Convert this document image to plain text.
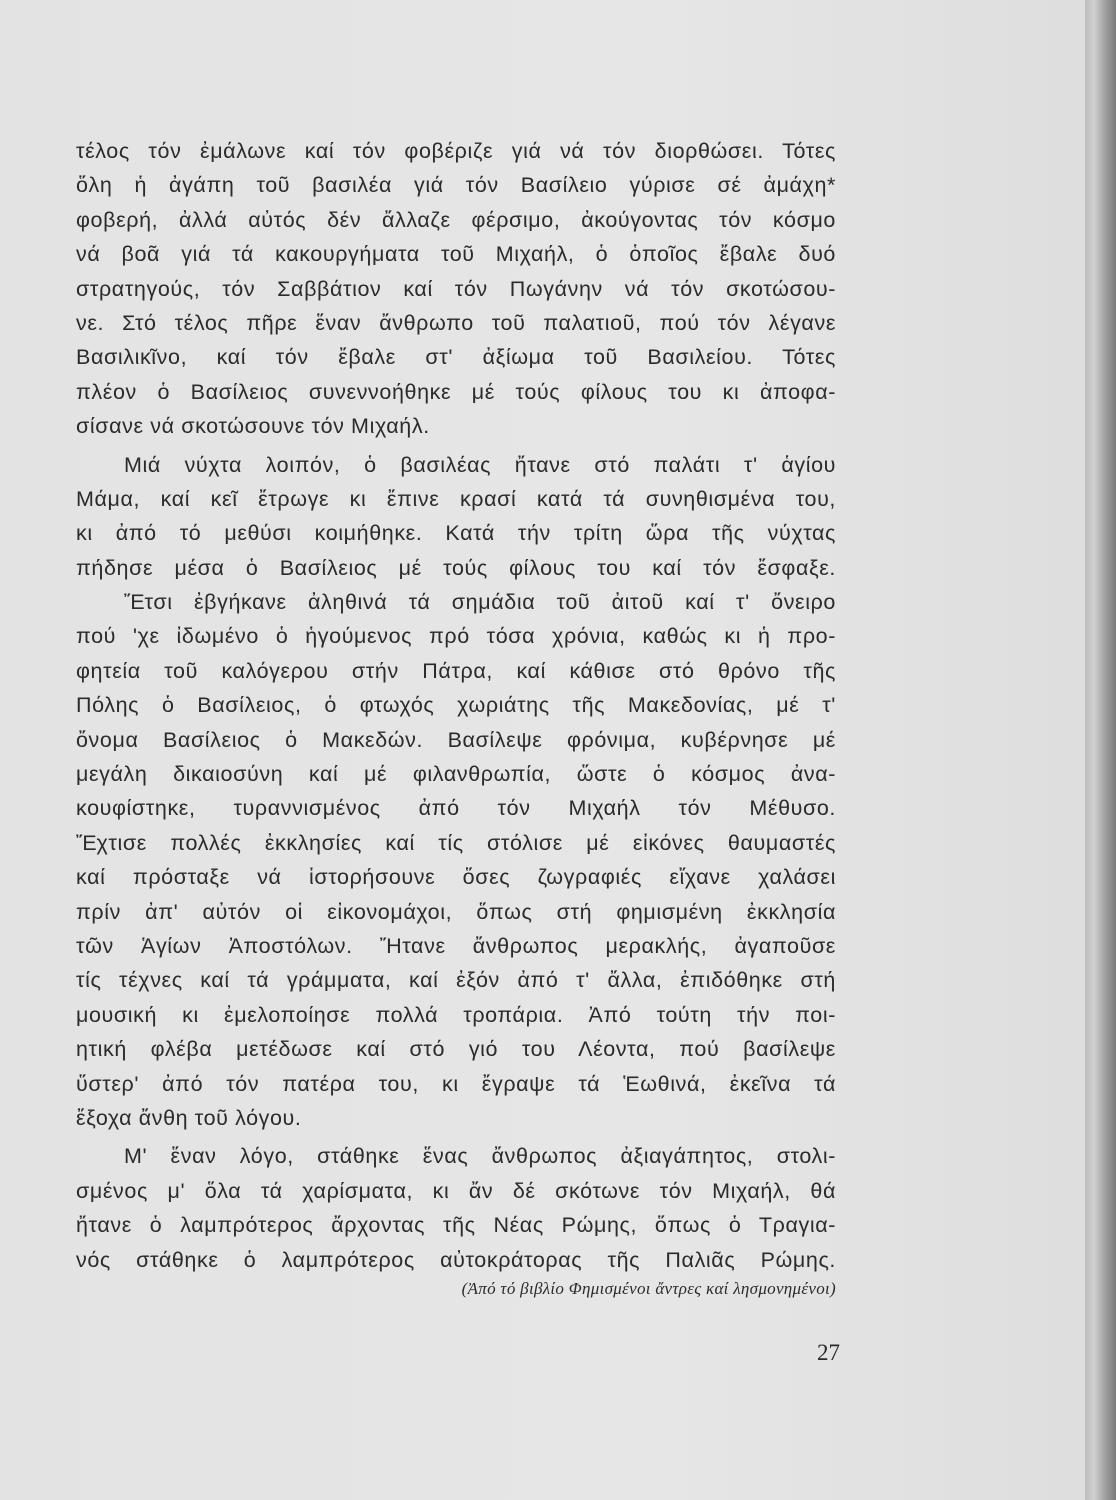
τέλος τόν ἐμάλωνε καί τόν φοβέριζε γιά νά τόν διορθώσει. Τότες
ὅλη ἡ ἀγάπη τοῦ βασιλέα γιά τόν Βασίλειο γύρισε σέ ἀμάχη*
φοβερή, ἀλλά αὐτός δέν ἄλλαζε φέρσιμο, ἀκούγοντας τόν κόσμο
νά βοᾶ γιά τά κακουργήματα τοῦ Μιχαήλ, ὁ ὁποῖος ἔβαλε δυό
στρατηγούς, τόν Σαββάτιον καί τόν Πωγάνην νά τόν σκοτώσου-
νε. Στό τέλος πῆρε ἕναν ἄνθρωπο τοῦ παλατιοῦ, πού τόν λέγανε
Βασιλικῖνο, καί τόν ἔβαλε στ' ἀξίωμα τοῦ Βασιλείου. Τότες
πλέον ὁ Βασίλειος συνεννοήθηκε μέ τούς φίλους του κι ἀποφα-
σίσανε νά σκοτώσουνε τόν Μιχαήλ.
Μιά νύχτα λοιπόν, ὁ βασιλέας ἤτανε στό παλάτι τ' ἁγίου
Μάμα, καί κεῖ ἔτρωγε κι ἔπινε κρασί κατά τά συνηθισμένα του,
κι ἀπό τό μεθύσι κοιμήθηκε. Κατά τήν τρίτη ὥρα τῆς νύχτας
πήδησε μέσα ὁ Βασίλειος μέ τούς φίλους του καί τόν ἔσφαξε.
Ἔτσι ἐβγήκανε ἀληθινά τά σημάδια τοῦ ἀιτοῦ καί τ' ὄνειρο
πού 'χε ἰδωμένο ὁ ἡγούμενος πρό τόσα χρόνια, καθώς κι ἡ προ-
φητεία τοῦ καλόγερου στήν Πάτρα, καί κάθισε στό θρόνο τῆς
Πόλης ὁ Βασίλειος, ὁ φτωχός χωριάτης τῆς Μακεδονίας, μέ τ'
ὄνομα Βασίλειος ὁ Μακεδών. Βασίλεψε φρόνιμα, κυβέρνησε μέ
μεγάλη δικαιοσύνη καί μέ φιλανθρωπία, ὥστε ὁ κόσμος ἀνα-
κουφίστηκε, τυραννισμένος ἀπό τόν Μιχαήλ τόν Μέθυσο.
Ἔχτισε πολλές ἐκκλησίες καί τίς στόλισε μέ εἰκόνες θαυμαστές
καί πρόσταξε νά ἱστορήσουνε ὅσες ζωγραφιές εἴχανε χαλάσει
πρίν ἀπ' αὐτόν οἱ εἰκονομάχοι, ὅπως στή φημισμένη ἐκκλησία
τῶν Ἁγίων Ἀποστόλων. Ἤτανε ἄνθρωπος μερακλής, ἀγαποῦσε
τίς τέχνες καί τά γράμματα, καί ἐξόν ἀπό τ' ἄλλα, ἐπιδόθηκε στή
μουσική κι ἐμελοποίησε πολλά τροπάρια. Ἀπό τούτη τήν ποι-
ητική φλέβα μετέδωσε καί στό γιό του Λέοντα, πού βασίλεψε
ὕστερ' ἀπό τόν πατέρα του, κι ἔγραψε τά Ἑωθινά, ἐκεῖνα τά
ἔξοχα ἄνθη τοῦ λόγου.
Μ' ἕναν λόγο, στάθηκε ἕνας ἄνθρωπος ἀξιαγάπητος, στολι-
σμένος μ' ὅλα τά χαρίσματα, κι ἄν δέ σκότωνε τόν Μιχαήλ, θά
ἤτανε ὁ λαμπρότερος ἄρχοντας τῆς Νέας Ρώμης, ὅπως ὁ Τραγια-
νός στάθηκε ὁ λαμπρότερος αὐτοκράτορας τῆς Παλιᾶς Ρώμης.
(Ἀπό τό βιβλίο Φημισμένοι ἄντρες καί λησμονημένοι)
27
